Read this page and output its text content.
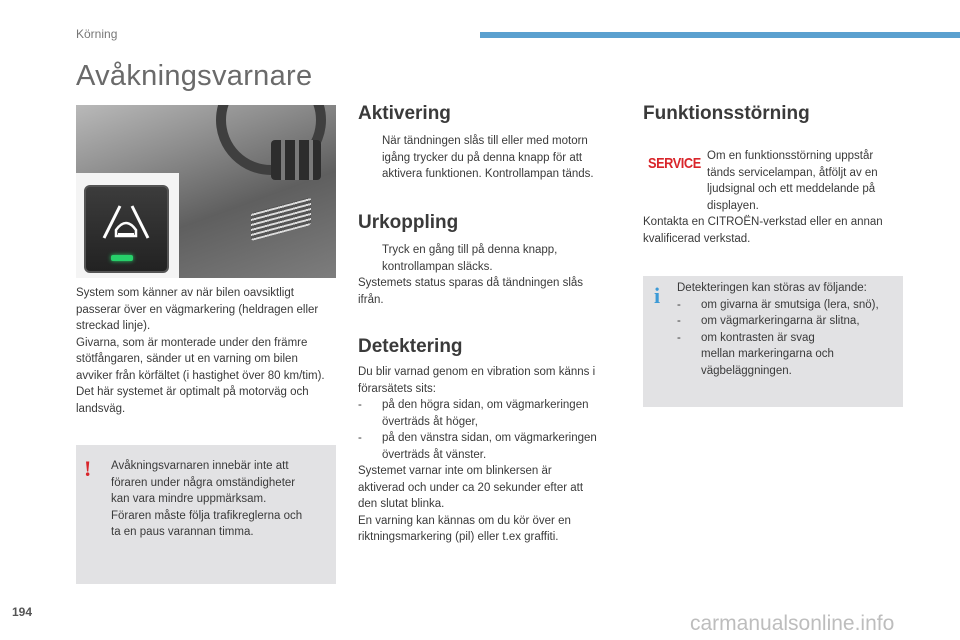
Körning
Avåkningsvarnare
System som känner av när bilen oavsiktligt
passerar över en vägmarkering (heldragen eller
streckad linje).
Givarna, som är monterade under den främre
stötfångaren, sänder ut en varning om bilen
avviker från körfältet (i hastighet över 80 km/tim).
Det här systemet är optimalt på motorväg och
landsväg.
! Avåkningsvarnaren innebär inte att
föraren under några omständigheter
kan vara mindre uppmärksam.
Föraren måste följa trafikreglerna och
ta en paus varannan timma.
Aktivering
När tändningen slås till eller med motorn
igång trycker du på denna knapp för att
aktivera funktionen. Kontrollampan tänds.
Urkoppling
Tryck en gång till på denna knapp,
kontrollampan släcks.
Systemets status sparas då tändningen slås
ifrån.
Detektering
Du blir varnad genom en vibration som känns i
förarsätets sits:
-	på den högra sidan, om vägmarkeringen
överträds åt höger,
-	på den vänstra sidan, om vägmarkeringen
överträds åt vänster.
Systemet varnar inte om blinkersen är
aktiverad och under ca 20 sekunder efter att
den slutat blinka.
En varning kan kännas om du kör över en
riktningsmarkering (pil) eller t.ex graffiti.
Funktionsstörning
SERVICE Om en funktionsstörning uppstår
tänds servicelampan, åtföljt av en
ljudsignal och ett meddelande på
displayen.
Kontakta en CITROËN-verkstad eller en annan
kvalificerad verkstad.
i Detekteringen kan störas av följande:
-	om givarna är smutsiga (lera, snö),
-	om vägmarkeringarna är slitna,
-	om kontrasten är svag
mellan markeringarna och
vägbeläggningen.
194	carmanualsonline.info
